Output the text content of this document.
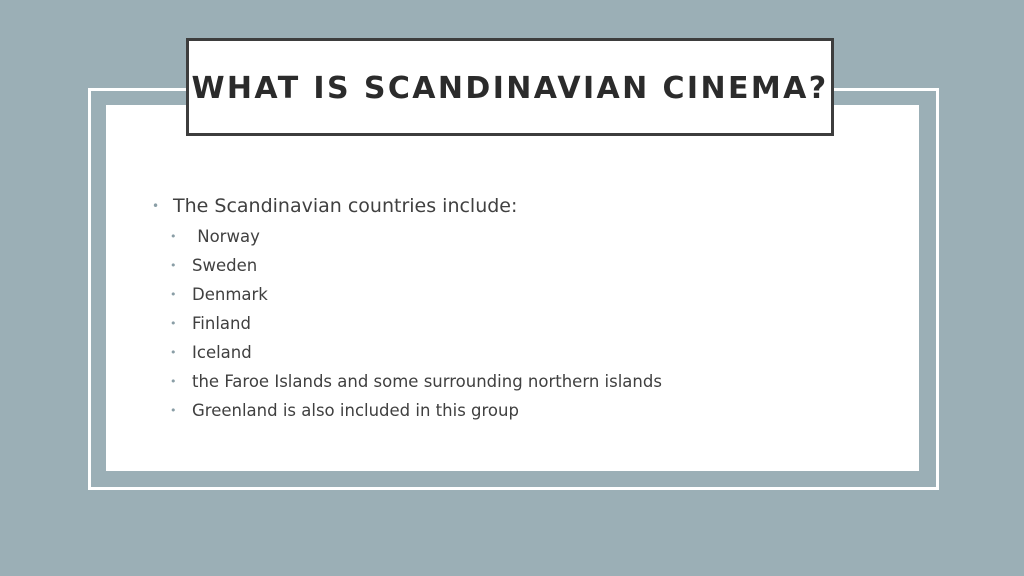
WHAT IS SCANDINAVIAN CINEMA?
• The Scandinavian countries include:
• Norway
• Sweden
• Denmark
• Finland
• Iceland
• the Faroe Islands and some surrounding northern islands
• Greenland is also included in this group
